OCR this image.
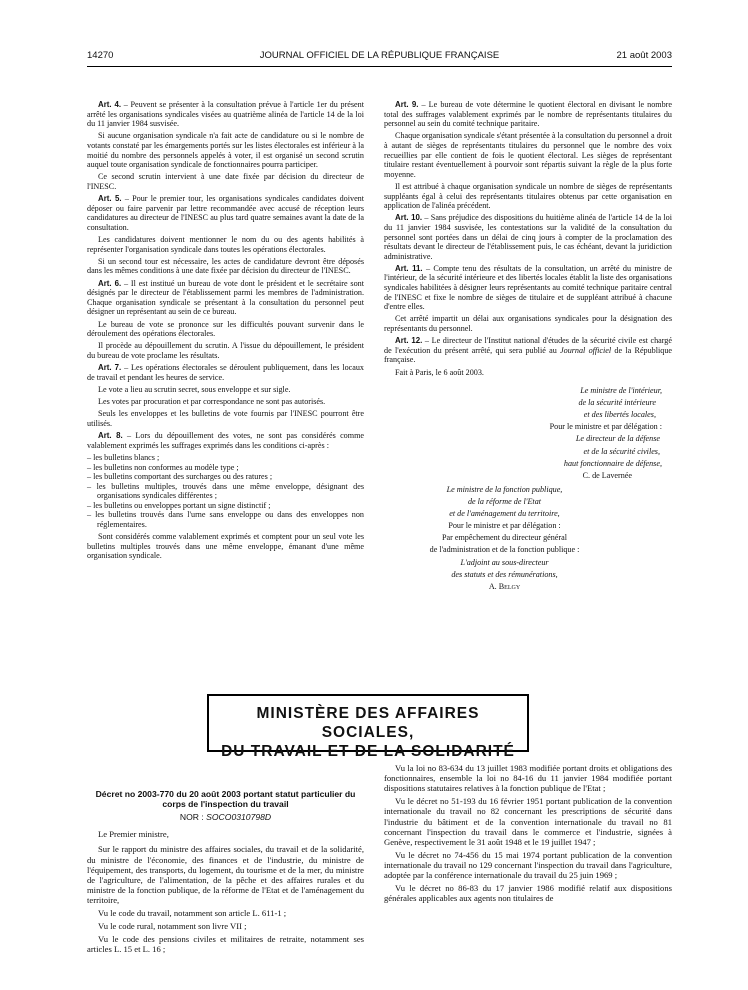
14270	JOURNAL OFFICIEL DE LA RÉPUBLIQUE FRANÇAISE	21 août 2003

Art. 4. – Peuvent se présenter à la consultation prévue à l'article 1er du présent arrêté les organisations syndicales visées au quatrième alinéa de l'article 14 de la loi du 11 janvier 1984 susvisée.

Si aucune organisation syndicale n'a fait acte de candidature ou si le nombre de votants constaté par les émargements portés sur les listes électorales est inférieur à la moitié du nombre des personnels appelés à voter, il est organisé un second scrutin auquel toute organisation syndicale de fonctionnaires pourra participer.

Ce second scrutin intervient à une date fixée par décision du directeur de l'INESC.

Art. 5. – Pour le premier tour, les organisations syndicales candidates doivent déposer ou faire parvenir par lettre recommandée avec accusé de réception leurs candidatures au directeur de l'INESC au plus tard quatre semaines avant la date de la consultation.

Les candidatures doivent mentionner le nom du ou des agents habilités à représenter l'organisation syndicale dans toutes les opérations électorales.

Si un second tour est nécessaire, les actes de candidature devront être déposés dans les mêmes conditions à une date fixée par décision du directeur de l'INESC.

Art. 6. – Il est institué un bureau de vote dont le président et le secrétaire sont désignés par le directeur de l'établissement parmi les membres de l'administration. Chaque organisation syndicale se présentant à la consultation du personnel peut désigner un représentant au sein de ce bureau.

Le bureau de vote se prononce sur les difficultés pouvant survenir dans le déroulement des opérations électorales.

Il procède au dépouillement du scrutin. A l'issue du dépouillement, le président du bureau de vote proclame les résultats.

Art. 7. – Les opérations électorales se déroulent publiquement, dans les locaux de travail et pendant les heures de service.

Le vote a lieu au scrutin secret, sous enveloppe et sur sigle.

Les votes par procuration et par correspondance ne sont pas autorisés.

Seuls les enveloppes et les bulletins de vote fournis par l'INESC pourront être utilisés.

Art. 8. – Lors du dépouillement des votes, ne sont pas considérés comme valablement exprimés les suffrages exprimés dans les conditions ci-après :

– les bulletins blancs ;
– les bulletins non conformes au modèle type ;
– les bulletins comportant des surcharges ou des ratures ;
– les bulletins multiples, trouvés dans une même enveloppe, désignant des organisations syndicales différentes ;
– les bulletins ou enveloppes portant un signe distinctif ;
– les bulletins trouvés dans l'urne sans enveloppe ou dans des enveloppes non réglementaires.

Sont considérés comme valablement exprimés et comptent pour un seul vote les bulletins multiples trouvés dans une même enveloppe, émanant d'une même organisation syndicale.

Art. 9. – Le bureau de vote détermine le quotient électoral en divisant le nombre total des suffrages valablement exprimés par le nombre de représentants titulaires du personnel au sein du comité technique paritaire.

Chaque organisation syndicale s'étant présentée à la consultation du personnel a droit à autant de sièges de représentants titulaires du personnel que le nombre des voix recueillies par elle contient de fois le quotient électoral. Les sièges de représentant titulaire restant éventuellement à pourvoir sont répartis suivant la règle de la plus forte moyenne.

Il est attribué à chaque organisation syndicale un nombre de sièges de représentants suppléants égal à celui des représentants titulaires obtenus par cette organisation en application de l'alinéa précédent.

Art. 10. – Sans préjudice des dispositions du huitième alinéa de l'article 14 de la loi du 11 janvier 1984 susvisée, les contestations sur la validité de la consultation du personnel sont portées dans un délai de cinq jours à compter de la proclamation des résultats devant le directeur de l'établissement puis, le cas échéant, devant la juridiction administrative.

Art. 11. – Compte tenu des résultats de la consultation, un arrêté du ministre de l'intérieur, de la sécurité intérieure et des libertés locales établit la liste des organisations syndicales habilitées à désigner leurs représentants au comité technique paritaire central de l'INESC et fixe le nombre de sièges de titulaire et de suppléant attribué à chacune d'entre elles.

Cet arrêté impartit un délai aux organisations syndicales pour la désignation des représentants du personnel.

Art. 12. – Le directeur de l'Institut national d'études de la sécurité civile est chargé de l'exécution du présent arrêté, qui sera publié au Journal officiel de la République française.

Fait à Paris, le 6 août 2003.

Le ministre de l'intérieur,

de la sécurité intérieure

et des libertés locales,

Pour le ministre et par délégation :

Le directeur de la défense

et de la sécurité civiles,

haut fonctionnaire de défense,

C. de Lavernée

Le ministre de la fonction publique,

de la réforme de l'Etat

et de l'aménagement du territoire,

Pour le ministre et par délégation :

Par empêchement du directeur général

de l'administration et de la fonction publique :

L'adjoint au sous-directeur

des statuts et des rémunérations,

A. Belgy

MINISTÈRE DES AFFAIRES SOCIALES,
DU TRAVAIL ET DE LA SOLIDARITÉ

Décret no 2003-770 du 20 août 2003 portant statut particulier du corps de l'inspection du travail

NOR : SOCO0310798D

Le Premier ministre,

Sur le rapport du ministre des affaires sociales, du travail et de la solidarité, du ministre de l'économie, des finances et de l'industrie, du ministre de l'équipement, des transports, du logement, du tourisme et de la mer, du ministre de l'agriculture, de l'alimentation, de la pêche et des affaires rurales et du ministre de la fonction publique, de la réforme de l'Etat et de l'aménagement du territoire,

Vu le code du travail, notamment son article L. 611-1 ;

Vu le code rural, notamment son livre VII ;

Vu le code des pensions civiles et militaires de retraite, notamment ses articles L. 15 et L. 16 ;

Vu la loi no 83-634 du 13 juillet 1983 modifiée portant droits et obligations des fonctionnaires, ensemble la loi no 84-16 du 11 janvier 1984 modifiée portant dispositions statutaires relatives à la fonction publique de l'Etat ;

Vu le décret no 51-193 du 16 février 1951 portant publication de la convention internationale du travail no 82 concernant les prescriptions de sécurité dans l'industrie du bâtiment et de la convention internationale du travail no 81 concernant l'inspection du travail dans le commerce et l'industrie, signées à Genève, respectivement le 31 août 1948 et le 19 juillet 1947 ;

Vu le décret no 74-456 du 15 mai 1974 portant publication de la convention internationale du travail no 129 concernant l'inspection du travail dans l'agriculture, adoptée par la conférence internationale du travail du 25 juin 1969 ;

Vu le décret no 86-83 du 17 janvier 1986 modifié relatif aux dispositions générales applicables aux agents non titulaires de
